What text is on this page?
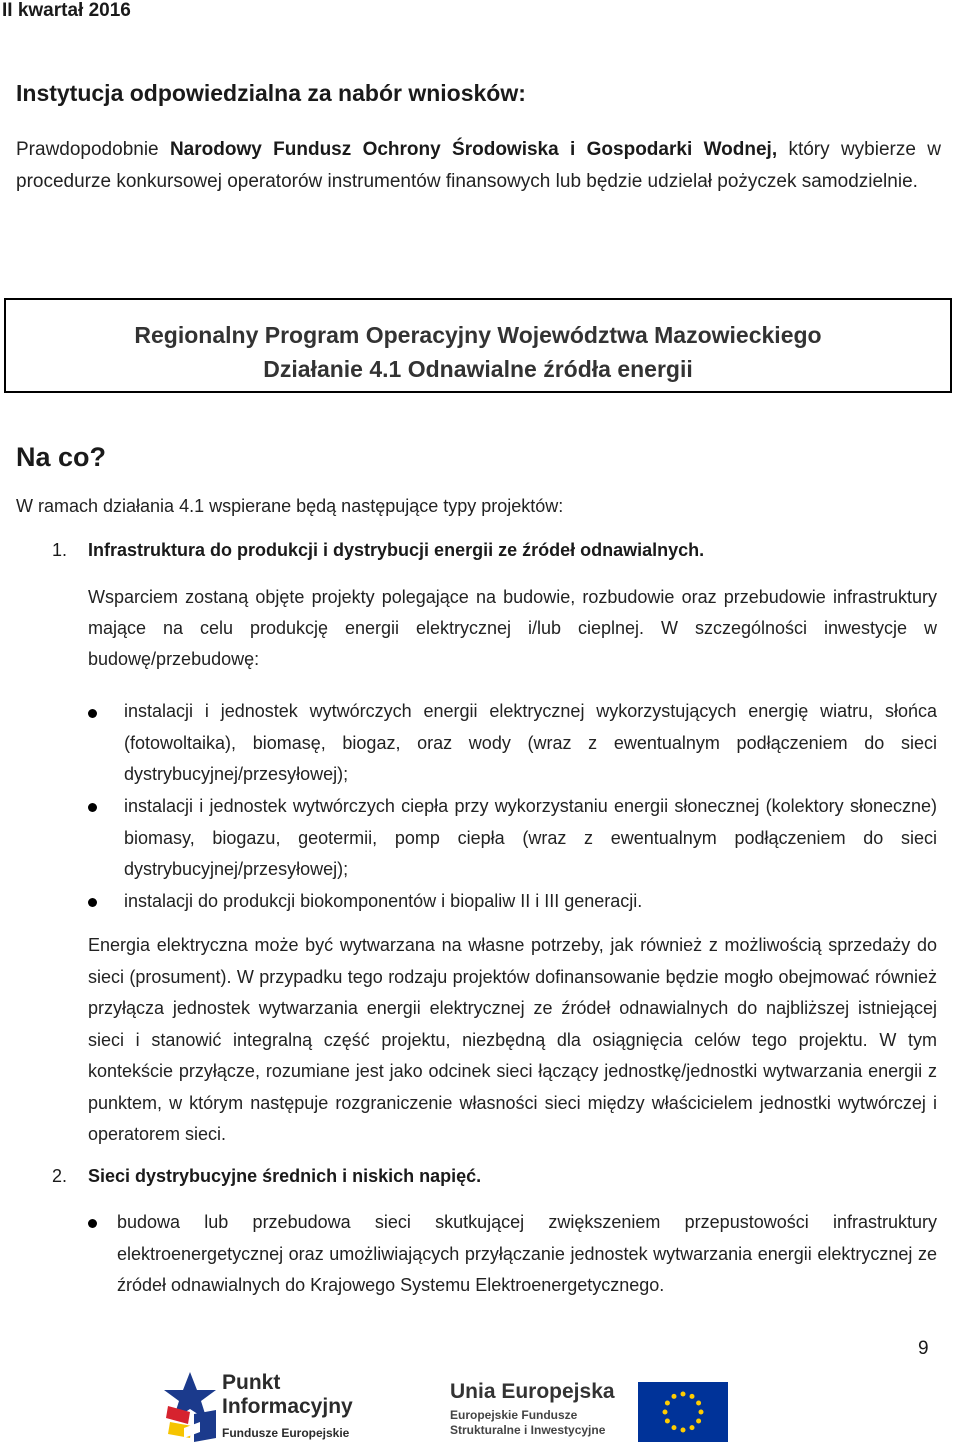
II kwartał 2016
Instytucja odpowiedzialna za nabór wniosków:
Prawdopodobnie Narodowy Fundusz Ochrony Środowiska i Gospodarki Wodnej, który wybierze w procedurze konkursowej operatorów instrumentów finansowych lub będzie udzielał pożyczek samodzielnie.
Regionalny Program Operacyjny Województwa Mazowieckiego
Działanie 4.1 Odnawialne źródła energii
Na co?
W ramach działania 4.1 wspierane będą następujące typy projektów:
1. Infrastruktura do produkcji i dystrybucji energii ze źródeł odnawialnych.
Wsparciem zostaną objęte projekty polegające na budowie, rozbudowie oraz przebudowie infrastruktury mające na celu produkcję energii elektrycznej i/lub cieplnej. W szczególności inwestycje w budowę/przebudowę:
instalacji i jednostek wytwórczych energii elektrycznej wykorzystujących energię wiatru, słońca (fotowoltaika), biomasę, biogaz, oraz wody (wraz z ewentualnym podłączeniem do sieci dystrybucyjnej/przesyłowej);
instalacji i jednostek wytwórczych ciepła przy wykorzystaniu energii słonecznej (kolektory słoneczne) biomasy, biogazu, geotermii, pomp ciepła (wraz z ewentualnym podłączeniem do sieci dystrybucyjnej/przesyłowej);
instalacji do produkcji biokomponentów i biopaliw II i III generacji.
Energia elektryczna może być wytwarzana na własne potrzeby, jak również z możliwością sprzedaży do sieci (prosument). W przypadku tego rodzaju projektów dofinansowanie będzie mogło obejmować również przyłącza jednostek wytwarzania energii elektrycznej ze źródeł odnawialnych do najbliższej istniejącej sieci i stanowić integralną część projektu, niezbędną dla osiągnięcia celów tego projektu. W tym kontekście przyłącze, rozumiane jest jako odcinek sieci łączący jednostkę/jednostki wytwarzania energii z punktem, w którym następuje rozgraniczenie własności sieci między właścicielem jednostki wytwórczej i operatorem sieci.
2. Sieci dystrybucyjne średnich i niskich napięć.
budowa lub przebudowa sieci skutkującej zwiększeniem przepustowości infrastruktury elektroenergetycznej oraz umożliwiających przyłączanie jednostek wytwarzania energii elektrycznej ze źródeł odnawialnych do Krajowego Systemu Elektroenergetycznego.
9
Punkt
Informacyjny
Fundusze Europejskie
Unia Europejska
Europejskie Fundusze
Strukturalne i Inwestycyjne
